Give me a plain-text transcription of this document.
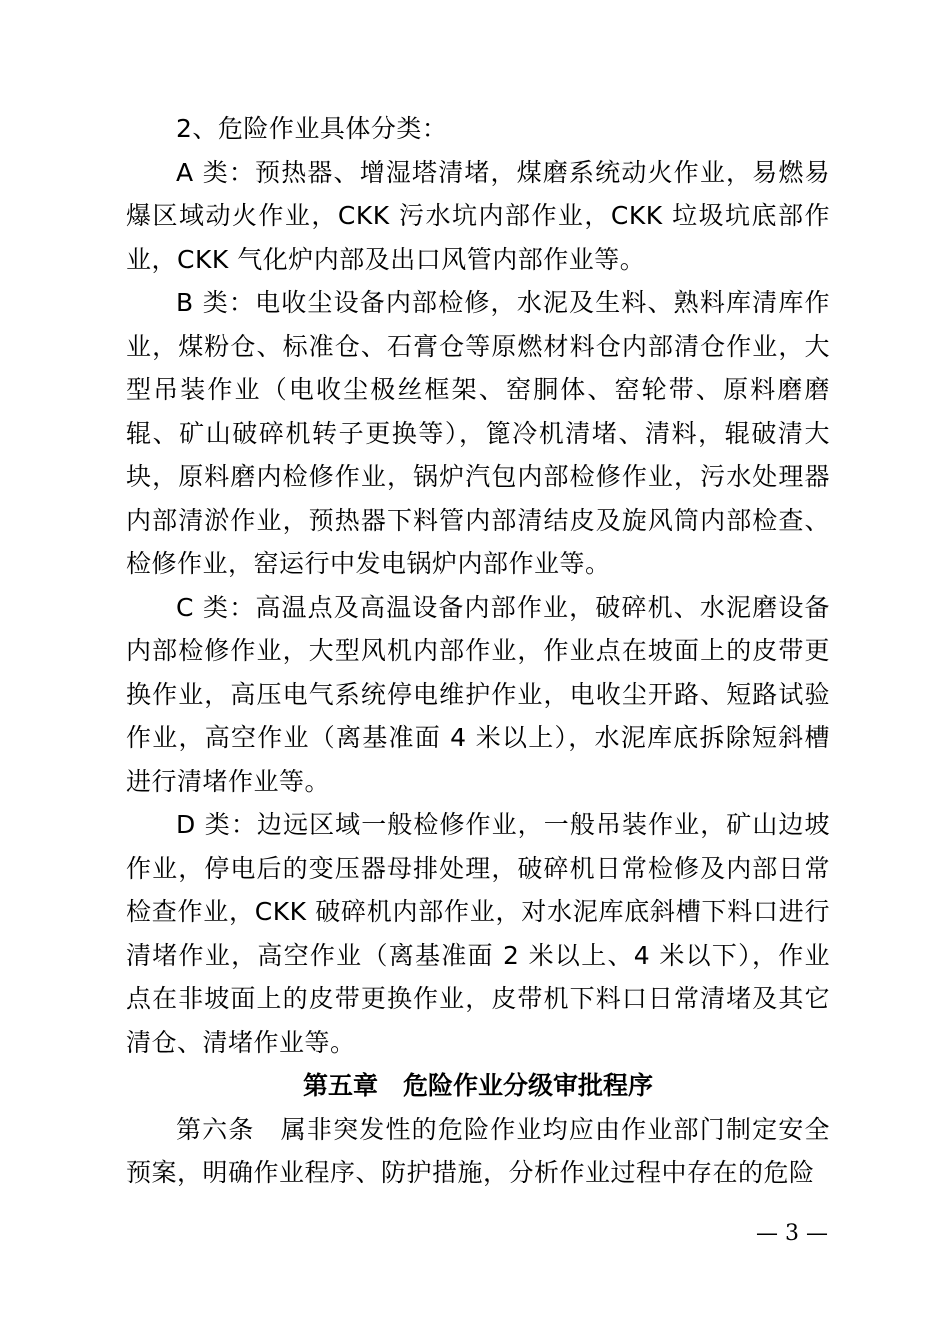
2、危险作业具体分类：

A 类：预热器、增湿塔清堵，煤磨系统动火作业，易燃易爆区域动火作业，CKK 污水坑内部作业，CKK 垃圾坑底部作业，CKK 气化炉内部及出口风管内部作业等。

B 类：电收尘设备内部检修，水泥及生料、熟料库清库作业，煤粉仓、标准仓、石膏仓等原燃材料仓内部清仓作业，大型吊装作业（电收尘极丝框架、窑胴体、窑轮带、原料磨磨辊、矿山破碎机转子更换等），篦冷机清堵、清料，辊破清大块，原料磨内检修作业，锅炉汽包内部检修作业，污水处理器内部清淤作业，预热器下料管内部清结皮及旋风筒内部检查、检修作业，窑运行中发电锅炉内部作业等。

C 类：高温点及高温设备内部作业，破碎机、水泥磨设备内部检修作业，大型风机内部作业，作业点在坡面上的皮带更换作业，高压电气系统停电维护作业，电收尘开路、短路试验作业，高空作业（离基准面 4 米以上），水泥库底拆除短斜槽进行清堵作业等。

D 类：边远区域一般检修作业，一般吊装作业，矿山边坡作业，停电后的变压器母排处理，破碎机日常检修及内部日常检查作业，CKK 破碎机内部作业，对水泥库底斜槽下料口进行清堵作业，高空作业（离基准面 2 米以上、4 米以下），作业点在非坡面上的皮带更换作业，皮带机下料口日常清堵及其它清仓、清堵作业等。

第五章　危险作业分级审批程序

第六条　属非突发性的危险作业均应由作业部门制定安全预案，明确作业程序、防护措施，分析作业过程中存在的危险

— 3 —
